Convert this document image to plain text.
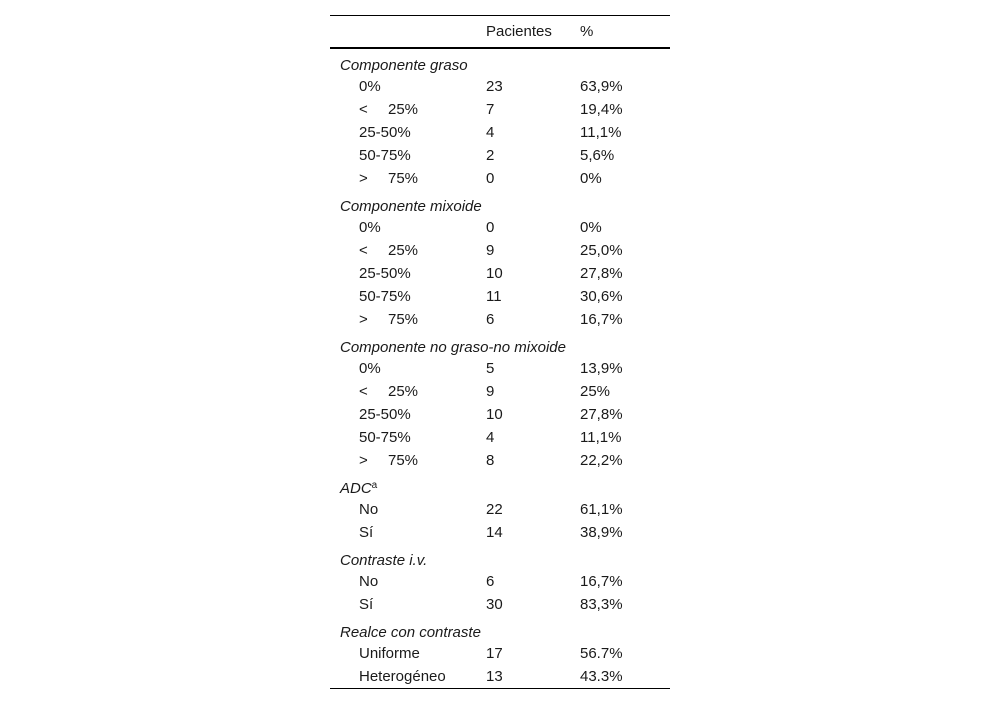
	Pacientes	%
Componente graso		
0%	23	63,9%
< 25%	7	19,4%
25-50%	4	11,1%
50-75%	2	5,6%
> 75%	0	0%
Componente mixoide		
0%	0	0%
< 25%	9	25,0%
25-50%	10	27,8%
50-75%	11	30,6%
> 75%	6	16,7%
Componente no graso-no mixoide		
0%	5	13,9%
< 25%	9	25%
25-50%	10	27,8%
50-75%	4	11,1%
> 75%	8	22,2%
ADC$^a$
No	22	61,1%
Sí	14	38,9%
Contraste i.v.		
No	6	16,7%
Sí	30	83,3%
Realce con contraste		
Uniforme	17	56.7%
Heterogéneo	13	43.3%
